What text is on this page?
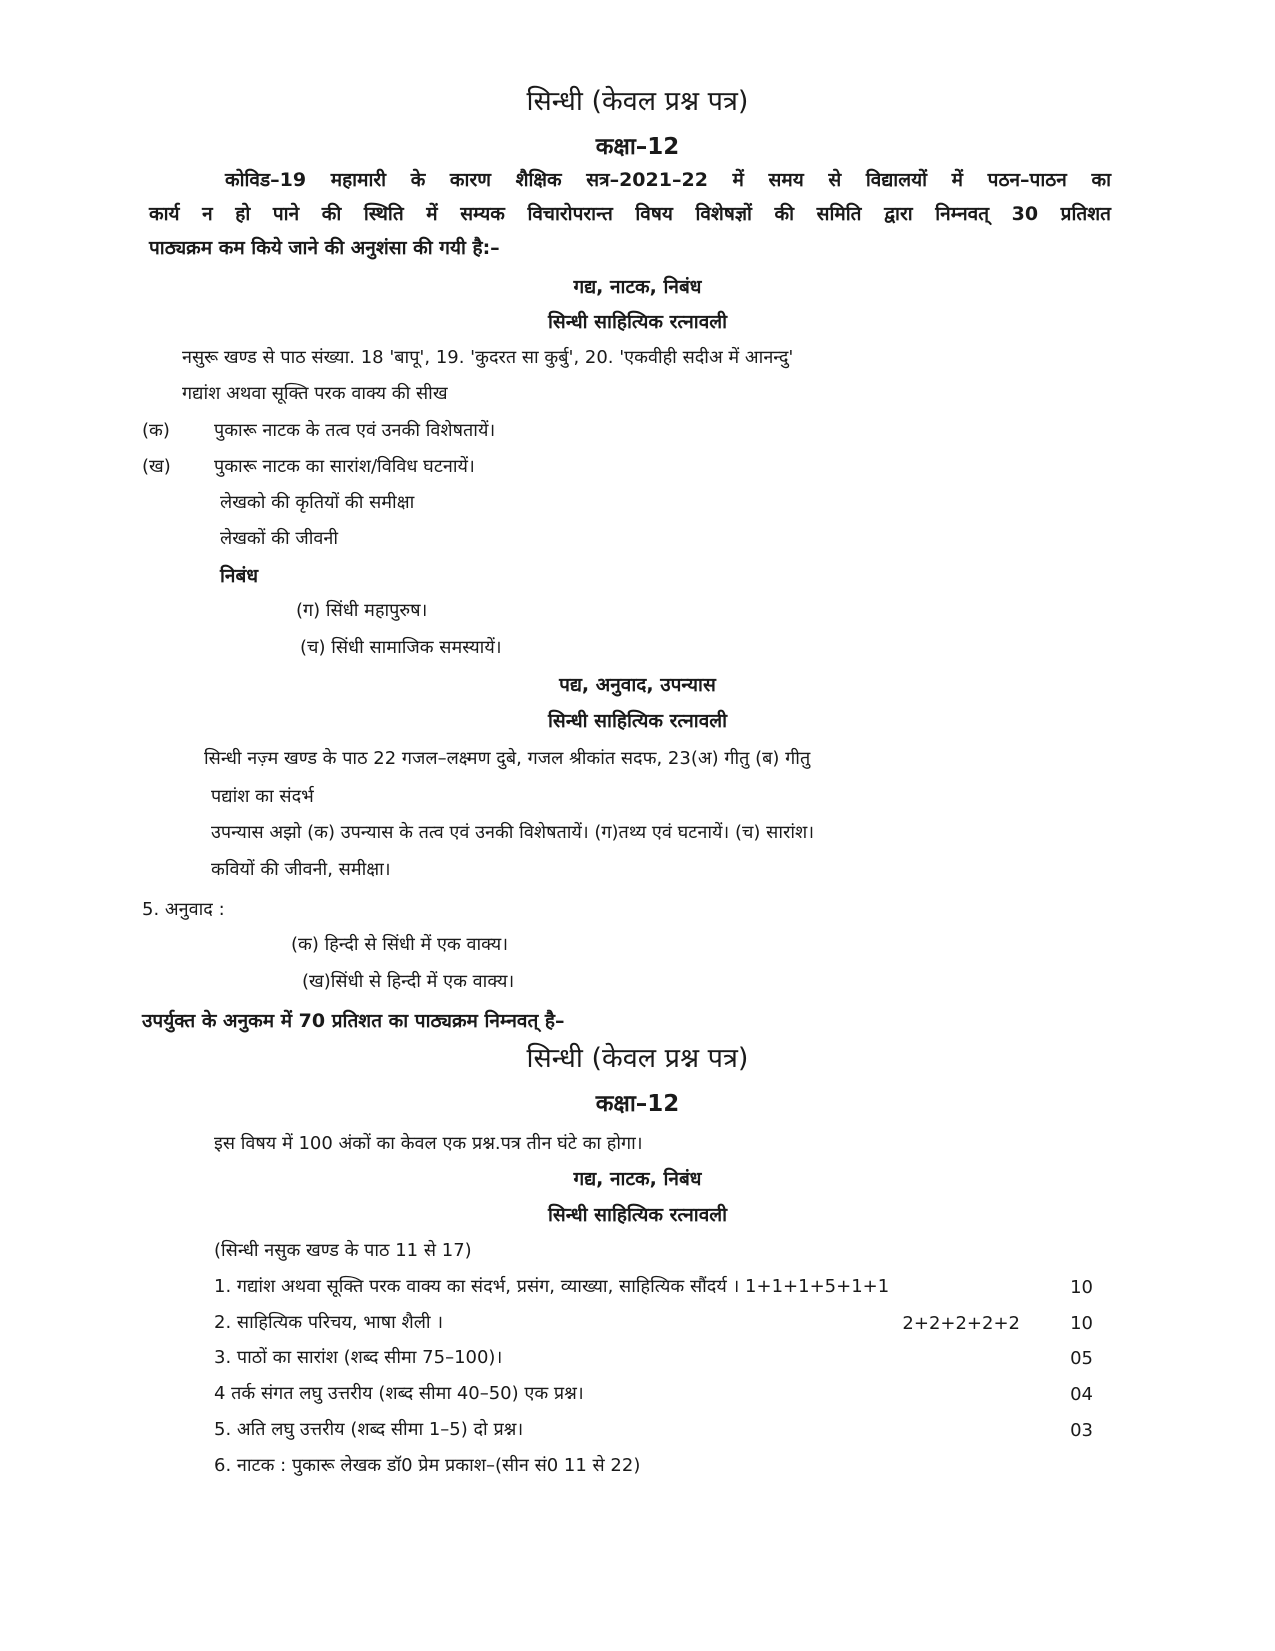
सिन्धी (केवल प्रश्न पत्र)
कक्षा–12
कोविड–19 महामारी के कारण शैक्षिक सत्र–2021–22 में समय से विद्यालयों में पठन–पाठन का
कार्य न हो पाने की स्थिति में सम्यक विचारोपरान्त विषय विशेषज्ञों की समिति द्वारा निम्नवत् 30 प्रतिशत
पाठ्यक्रम कम किये जाने की अनुशंसा की गयी है:–
गद्य, नाटक, निबंध
सिन्धी साहित्यिक रत्नावली
नसुरू खण्ड से पाठ संख्या. 18 'बापू', 19. 'कुदरत सा कुर्बु', 20. 'एकवीही सदीअ में आनन्दु'
गद्यांश अथवा सूक्ति परक वाक्य की सीख
(क) पुकारू नाटक के तत्व एवं उनकी विशेषतायें।
(ख) पुकारू नाटक का सारांश/विविध घटनायें।
लेखको की कृतियों की समीक्षा
लेखकों की जीवनी
निबंध
(ग) सिंधी महापुरुष।
(च) सिंधी सामाजिक समस्यायें।
पद्य, अनुवाद, उपन्यास
सिन्धी साहित्यिक रत्नावली
सिन्धी नज़्म खण्ड के पाठ 22 गजल–लक्ष्मण दुबे, गजल श्रीकांत सदफ, 23(अ) गीतु (ब) गीतु
पद्यांश का संदर्भ
उपन्यास अझो (क) उपन्यास के तत्व एवं उनकी विशेषतायें। (ग)तथ्य एवं घटनायें। (च) सारांश।
कवियों की जीवनी, समीक्षा।
5. अनुवाद :
(क) हिन्दी से सिंधी में एक वाक्य।
(ख)सिंधी से हिन्दी में एक वाक्य।
उपर्युक्त के अनुकम में 70 प्रतिशत का पाठ्यक्रम निम्नवत् है–
सिन्धी (केवल प्रश्न पत्र)
कक्षा–12
इस विषय में 100 अंकों का केवल एक प्रश्न.पत्र तीन घंटे का होगा।
गद्य, नाटक, निबंध
सिन्धी साहित्यिक रत्नावली
(सिन्धी नसुक खण्ड के पाठ 11 से 17)
1. गद्यांश अथवा सूक्ति परक वाक्य का संदर्भ, प्रसंग, व्याख्या, साहित्यिक सौंदर्य । 1+1+1+5+1+1	10
2. साहित्यिक परिचय, भाषा शैली ।	2+2+2+2+2	10
3. पाठों का सारांश (शब्द सीमा 75–100)।	05
4 तर्क संगत लघु उत्तरीय (शब्द सीमा 40–50) एक प्रश्न।	04
5. अति लघु उत्तरीय (शब्द सीमा 1–5) दो प्रश्न।	03
6. नाटक : पुकारू लेखक डॉ0 प्रेम प्रकाश–(सीन सं0 11 से 22)
